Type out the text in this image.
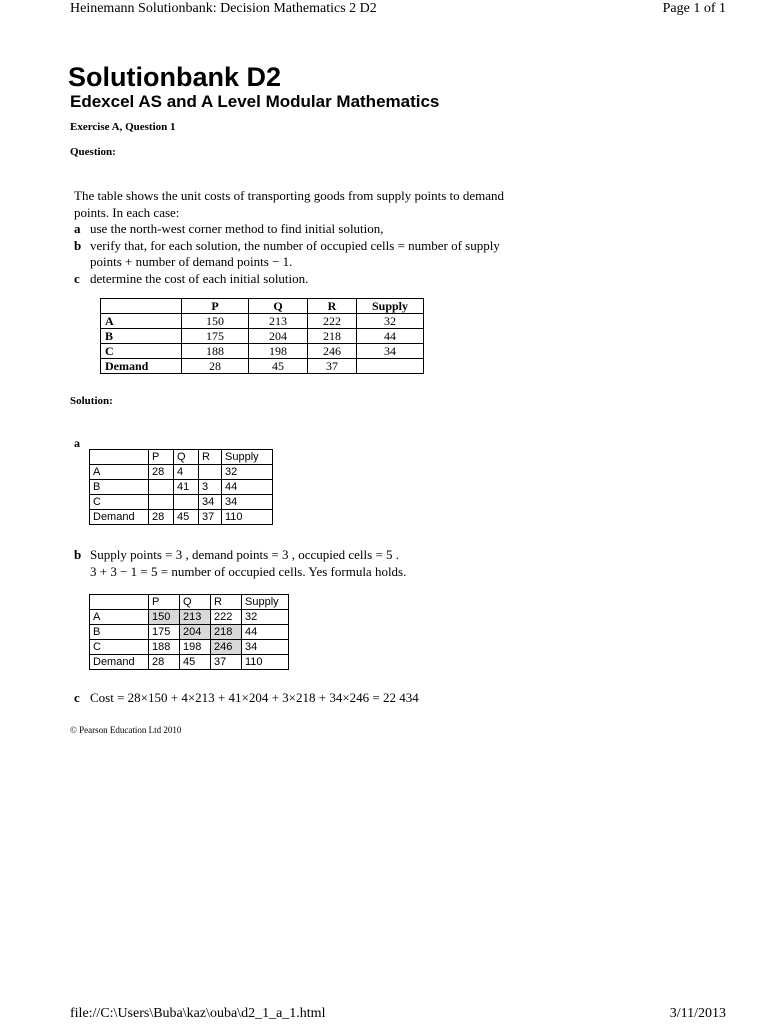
Heinemann Solutionbank: Decision Mathematics 2 D2	Page 1 of 1
Solutionbank D2
Edexcel AS and A Level Modular Mathematics
Exercise A, Question 1
Question:
The table shows the unit costs of transporting goods from supply points to demand
points. In each case:
a use the north-west corner method to find initial solution,
b verify that, for each solution, the number of occupied cells = number of supply
points + number of demand points − 1.
c determine the cost of each initial solution.
	P	Q	R	Supply
A	150	213	222	32
B	175	204	218	44
C	188	198	246	34
Demand	28	45	37	
Solution:
a
	P	Q	R	Supply
A	28	4		32
B		41	3	44
C			34	34
Demand	28	45	37	110
b Supply points = 3 , demand points = 3 , occupied cells = 5 .
3 + 3 − 1 = 5 = number of occupied cells. Yes formula holds.
	P	Q	R	Supply
A	150	213	222	32
B	175	204	218	44
C	188	198	246	34
Demand	28	45	37	110
c Cost = 28×150 + 4×213 + 41×204 + 3×218 + 34×246 = 22 434
© Pearson Education Ltd 2010
file://C:\Users\Buba\kaz\ouba\d2_1_a_1.html	3/11/2013
